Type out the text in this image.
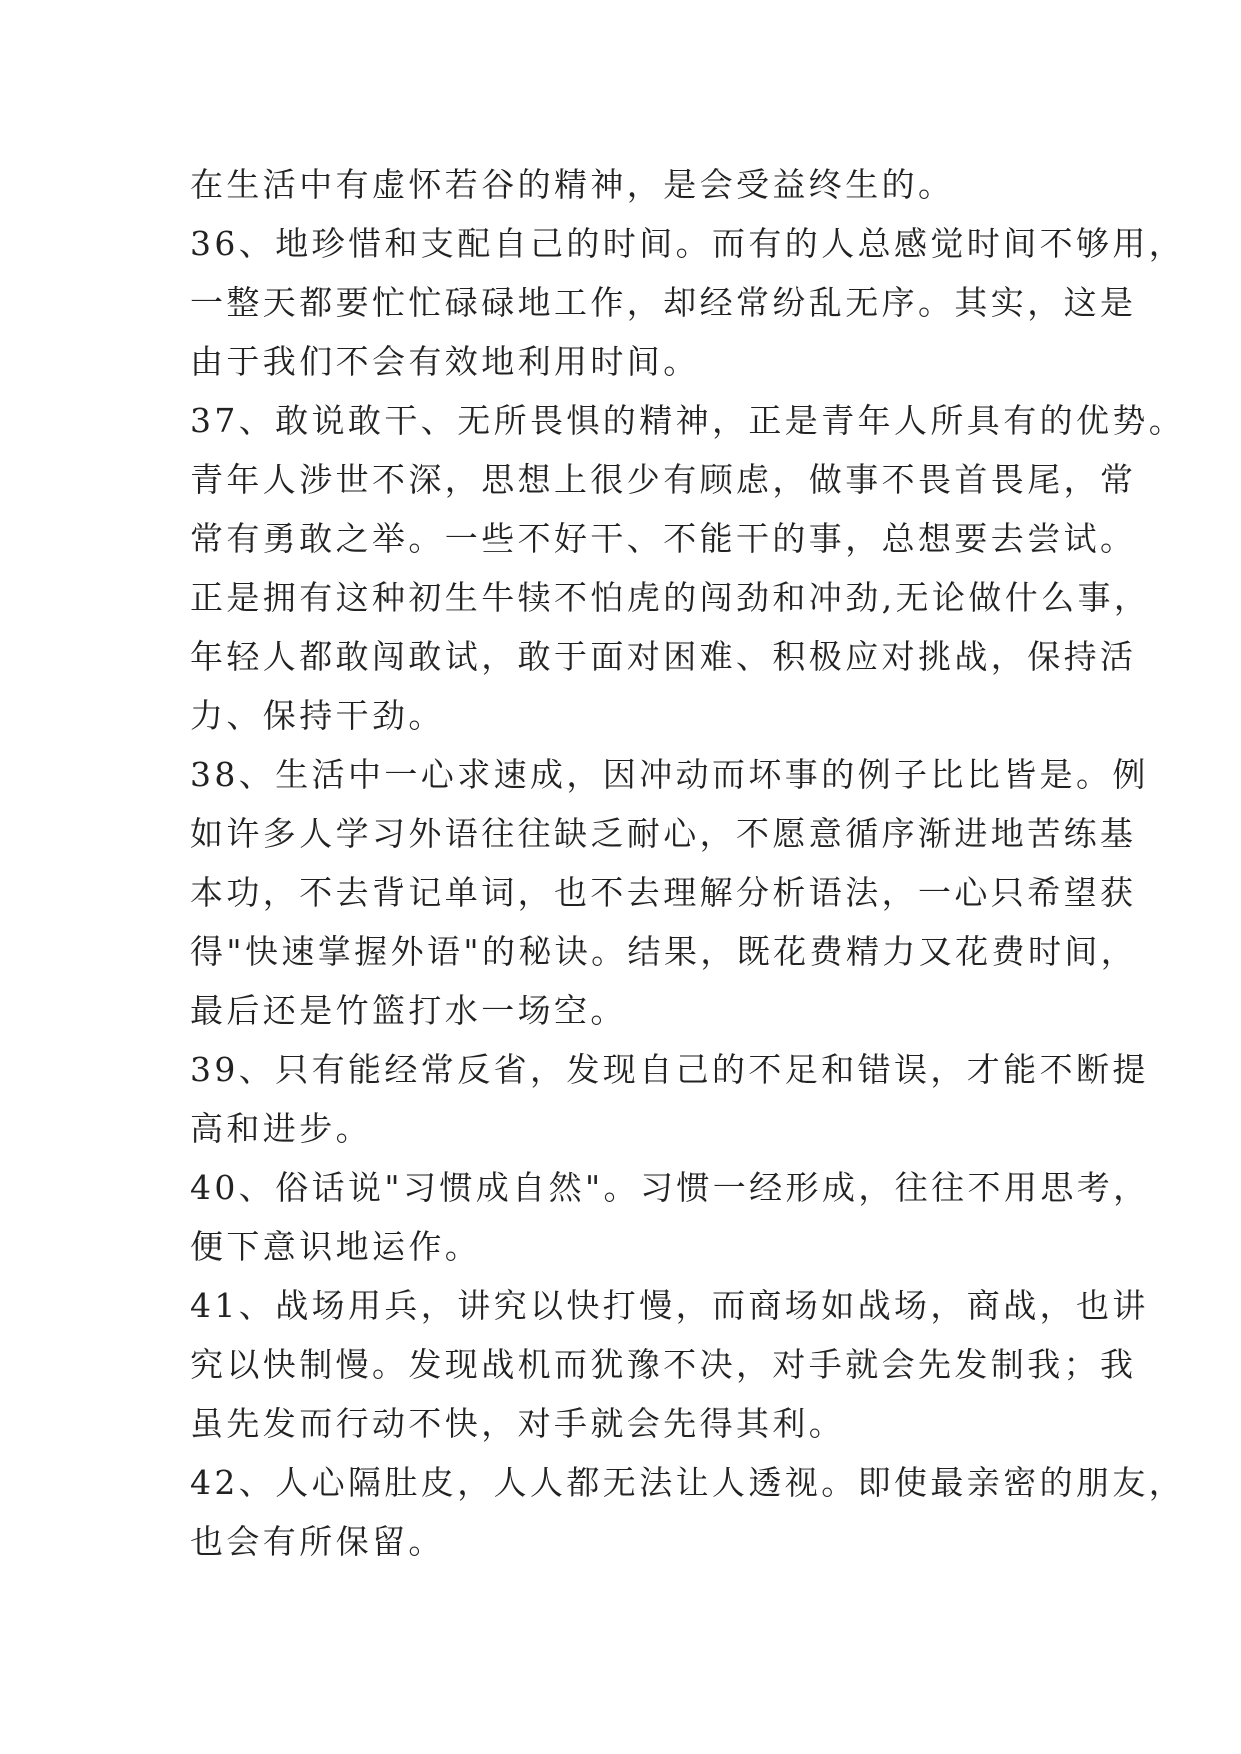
在生活中有虚怀若谷的精神，是会受益终生的。
36、地珍惜和支配自己的时间。而有的人总感觉时间不够用，
一整天都要忙忙碌碌地工作，却经常纷乱无序。其实，这是
由于我们不会有效地利用时间。
37、敢说敢干、无所畏惧的精神，正是青年人所具有的优势。
青年人涉世不深，思想上很少有顾虑，做事不畏首畏尾，常
常有勇敢之举。一些不好干、不能干的事，总想要去尝试。
正是拥有这种初生牛犊不怕虎的闯劲和冲劲,无论做什么事，
年轻人都敢闯敢试，敢于面对困难、积极应对挑战，保持活
力、保持干劲。
38、生活中一心求速成，因冲动而坏事的例子比比皆是。例
如许多人学习外语往往缺乏耐心，不愿意循序渐进地苦练基
本功，不去背记单词，也不去理解分析语法，一心只希望获
得"快速掌握外语"的秘诀。结果，既花费精力又花费时间，
最后还是竹篮打水一场空。
39、只有能经常反省，发现自己的不足和错误，才能不断提
高和进步。
40、俗话说"习惯成自然"。习惯一经形成，往往不用思考，
便下意识地运作。
41、战场用兵，讲究以快打慢，而商场如战场，商战，也讲
究以快制慢。发现战机而犹豫不决，对手就会先发制我；我
虽先发而行动不快，对手就会先得其利。
42、人心隔肚皮，人人都无法让人透视。即使最亲密的朋友，
也会有所保留。
